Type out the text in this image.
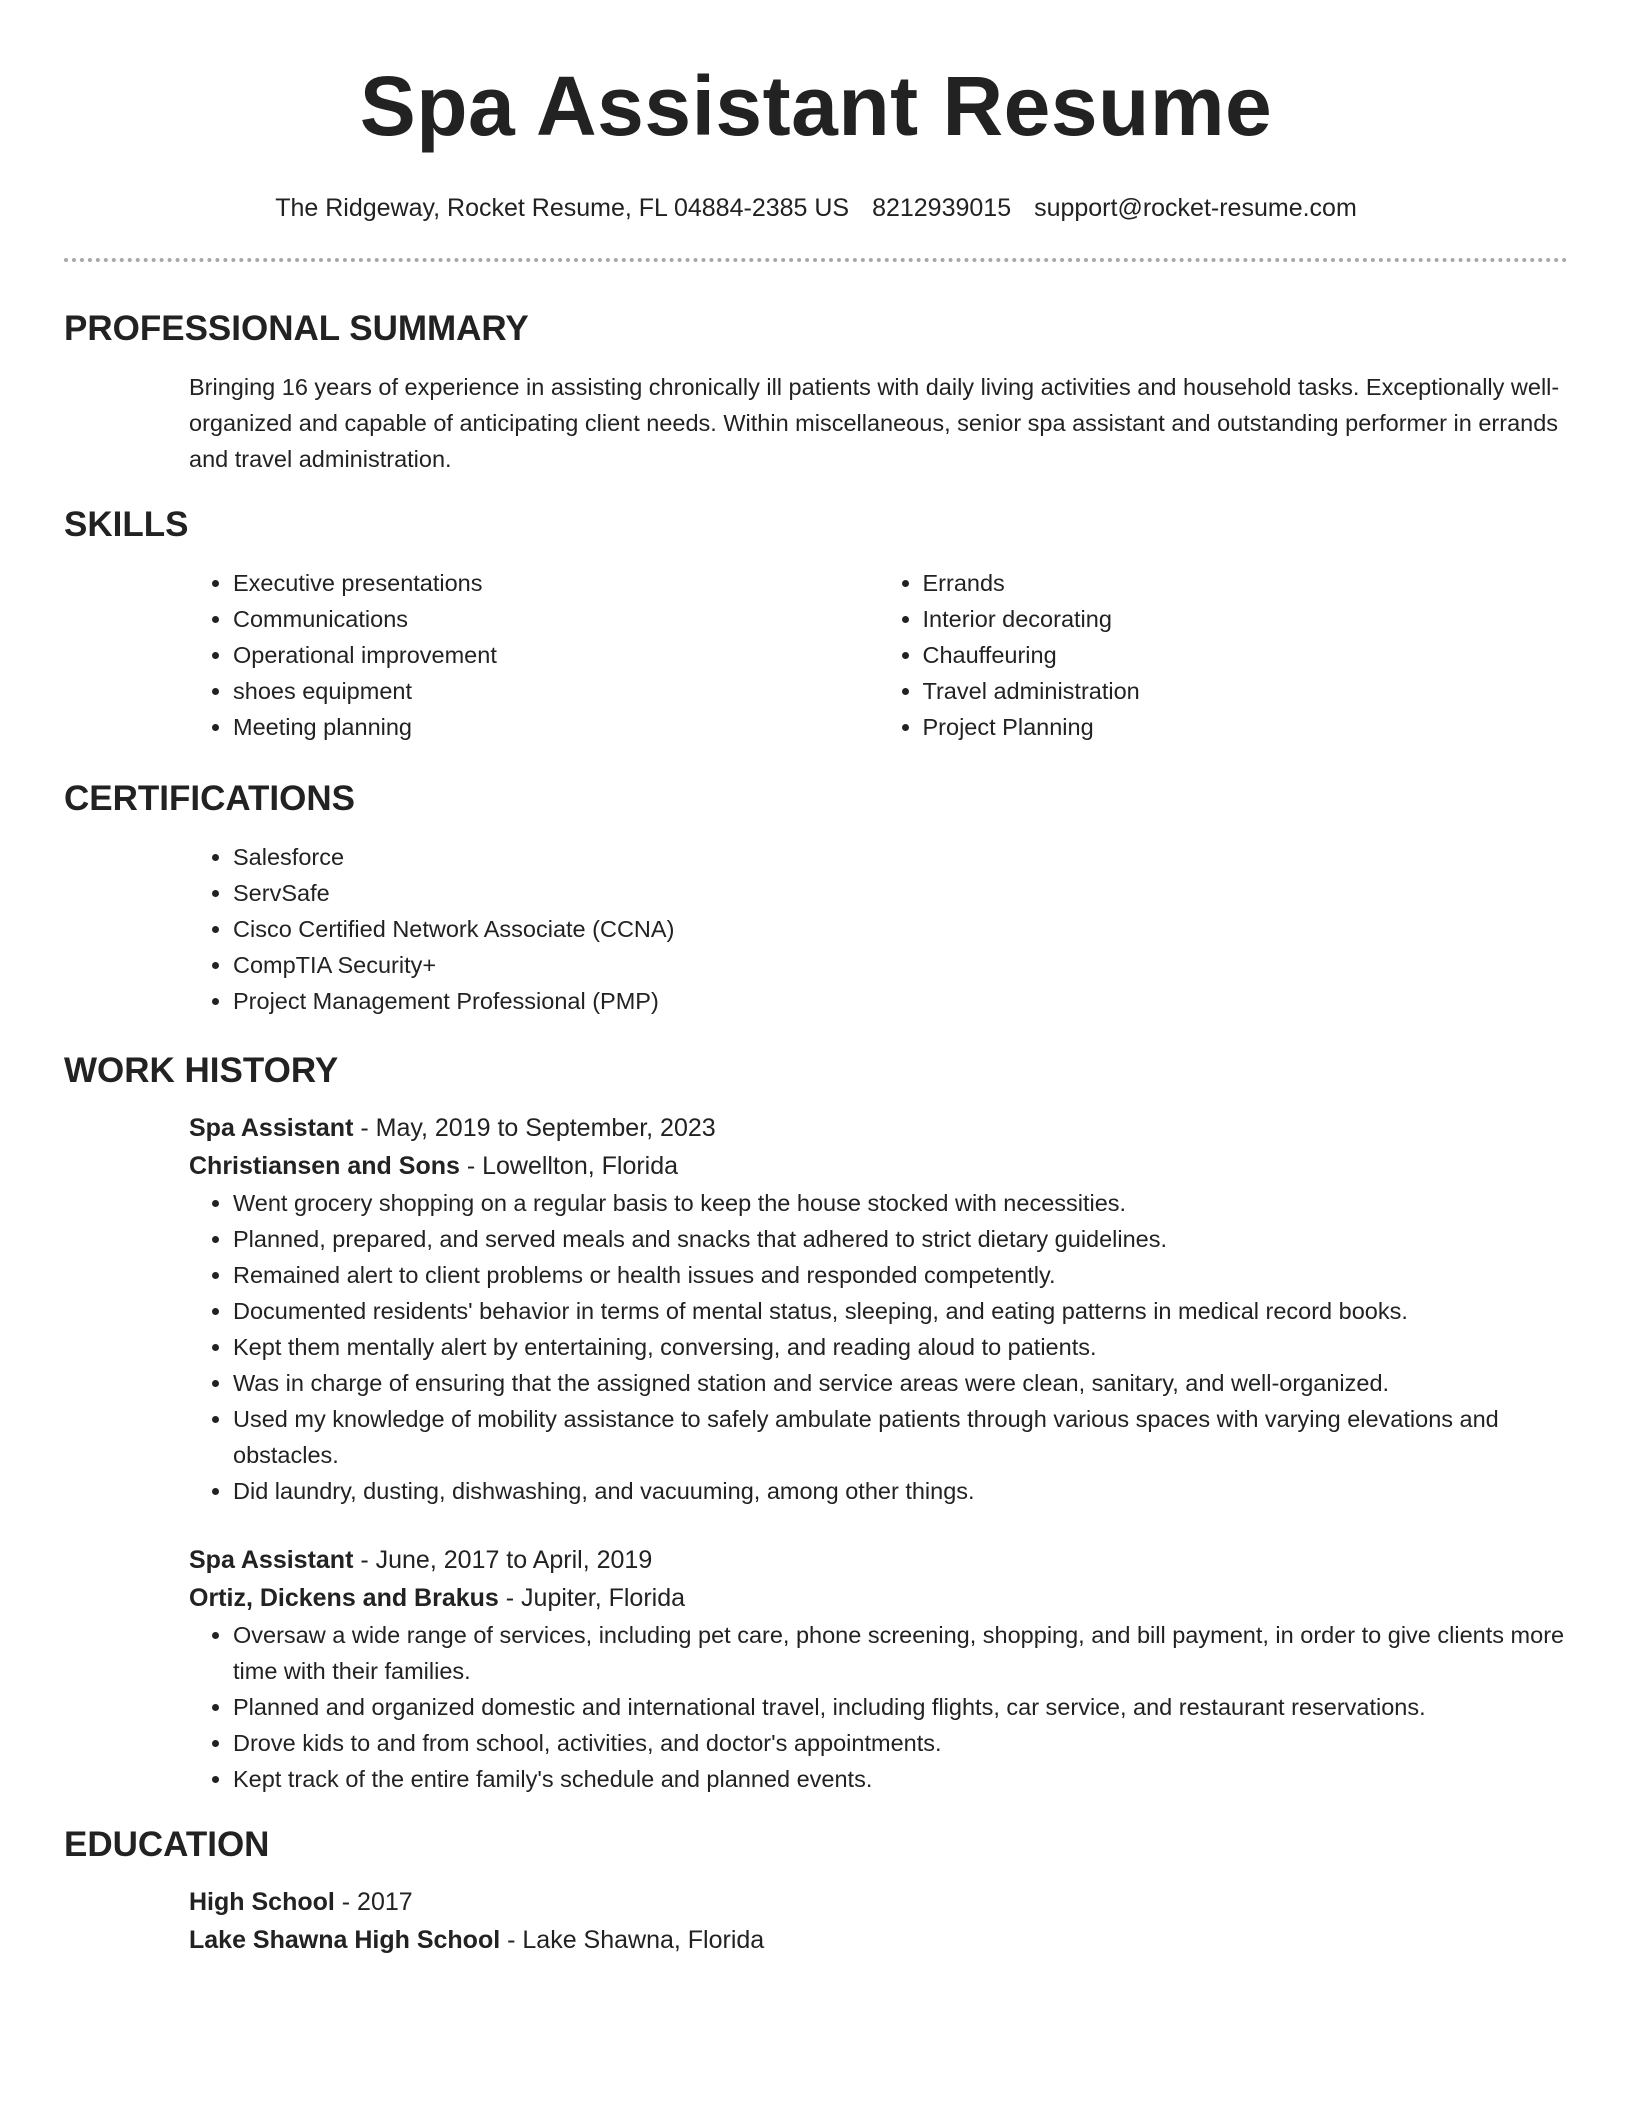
Spa Assistant Resume
The Ridgeway, Rocket Resume, FL 04884-2385 US 8212939015 support@rocket-resume.com
PROFESSIONAL SUMMARY

Bringing 16 years of experience in assisting chronically ill patients with daily living activities and household tasks. Exceptionally well-organized and capable of anticipating client needs. Within miscellaneous, senior spa assistant and outstanding performer in errands and travel administration.

SKILLS
• Executive presentations
• Communications
• Operational improvement
• shoes equipment
• Meeting planning
• Errands
• Interior decorating
• Chauffeuring
• Travel administration
• Project Planning
CERTIFICATIONS
• Salesforce
• ServSafe
• Cisco Certified Network Associate (CCNA)
• CompTIA Security+
• Project Management Professional (PMP)
WORK HISTORY
Spa Assistant - May, 2019 to September, 2023
Christiansen and Sons - Lowellton, Florida
• Went grocery shopping on a regular basis to keep the house stocked with necessities.
• Planned, prepared, and served meals and snacks that adhered to strict dietary guidelines.
• Remained alert to client problems or health issues and responded competently.
• Documented residents' behavior in terms of mental status, sleeping, and eating patterns in medical record books.
• Kept them mentally alert by entertaining, conversing, and reading aloud to patients.
• Was in charge of ensuring that the assigned station and service areas were clean, sanitary, and well-organized.
• Used my knowledge of mobility assistance to safely ambulate patients through various spaces with varying elevations and obstacles.
• Did laundry, dusting, dishwashing, and vacuuming, among other things.
Spa Assistant - June, 2017 to April, 2019
Ortiz, Dickens and Brakus - Jupiter, Florida
• Oversaw a wide range of services, including pet care, phone screening, shopping, and bill payment, in order to give clients more time with their families.
• Planned and organized domestic and international travel, including flights, car service, and restaurant reservations.
• Drove kids to and from school, activities, and doctor's appointments.
• Kept track of the entire family's schedule and planned events.
EDUCATION
High School - 2017
Lake Shawna High School - Lake Shawna, Florida
